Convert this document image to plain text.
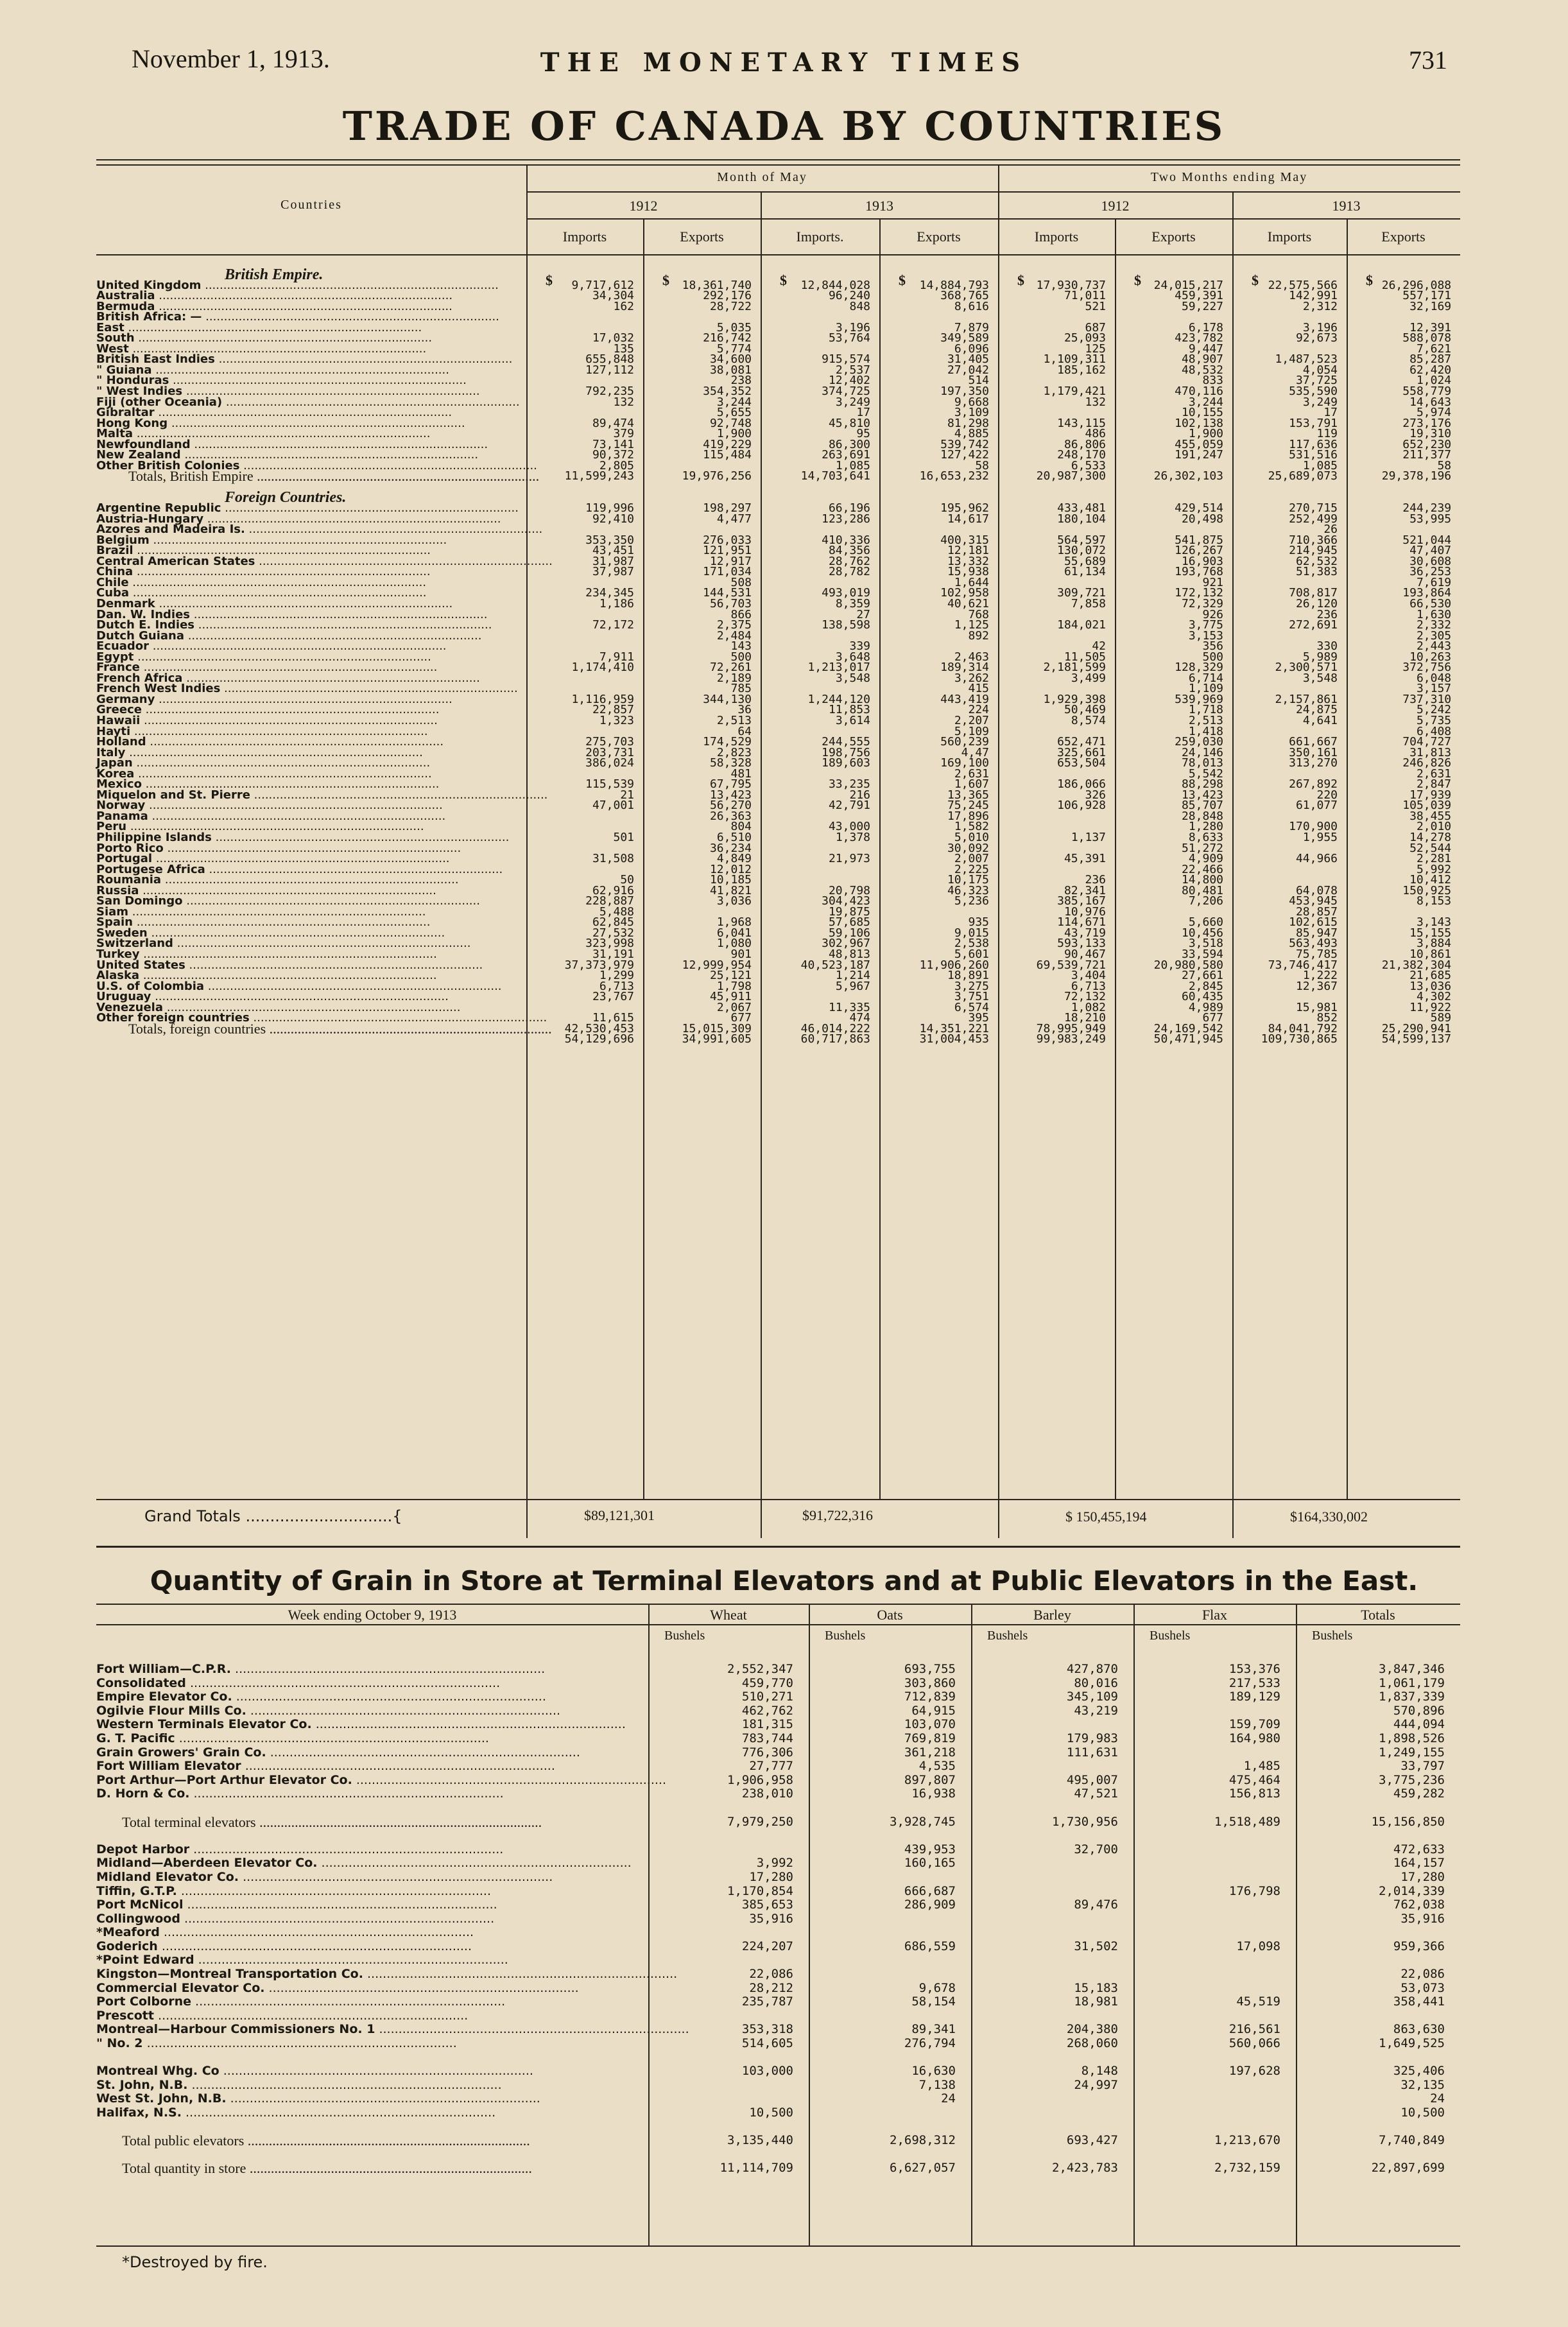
November 1, 1913.	THE MONETARY TIMES	731
TRADE OF CANADA BY COUNTRIES
Month of May	Two Months ending May
Countries	1912	1913	1912	1913
Imports	Exports	Imports.	Exports	Imports	Exports	Imports	Exports
$	$	$	$	$	$	$	$
British Empire.								
United Kingdom ................................................................................	9,717,612	18,361,740	12,844,028	14,884,793	17,930,737	24,015,217	22,575,566	26,296,088
Australia ................................................................................	34,304	292,176	96,240	368,765	71,011	459,391	142,991	557,171
Bermuda ................................................................................	162	28,722	848	8,616	521	59,227	2,312	32,169
British Africa: — ................................................................................								
East ................................................................................		5,035	3,196	7,879	687	6,178	3,196	12,391
South ................................................................................	17,032	216,742	53,764	349,589	25,093	423,782	92,673	588,078
West ................................................................................	135	5,774		6,096	125	9,447		7,621
British East Indies ................................................................................	655,848	34,600	915,574	31,405	1,109,311	48,907	1,487,523	85,287
" Guiana ................................................................................	127,112	38,081	2,537	27,042	185,162	48,532	4,054	62,420
" Honduras ................................................................................		238	12,402	514		833	37,725	1,024
" West Indies ................................................................................	792,235	354,352	374,725	197,350	1,179,421	470,116	535,590	558,779
Fiji (other Oceania) ................................................................................	132	3,244	3,249	9,668	132	3,244	3,249	14,643
Gibraltar ................................................................................		5,655	17	3,109		10,155	17	5,974
Hong Kong ................................................................................	89,474	92,748	45,810	81,298	143,115	102,138	153,791	273,176
Malta ................................................................................	379	1,900	95	4,885	486	1,900	119	19,310
Newfoundland ................................................................................	73,141	419,229	86,300	539,742	86,806	455,059	117,636	652,230
New Zealand ................................................................................	90,372	115,484	263,691	127,422	248,170	191,247	531,516	211,377
Other British Colonies ................................................................................	2,805		1,085	58	6,533		1,085	58
Totals, British Empire ................................................................................	11,599,243	19,976,256	14,703,641	16,653,232	20,987,300	26,302,103	25,689,073	29,378,196

Foreign Countries.								
Argentine Republic ................................................................................	119,996	198,297	66,196	195,962	433,481	429,514	270,715	244,239
Austria-Hungary ................................................................................	92,410	4,477	123,286	14,617	180,104	20,498	252,499	53,995
Azores and Madeira Is. ................................................................................							26	
Belgium ................................................................................	353,350	276,033	410,336	400,315	564,597	541,875	710,366	521,044
Brazil ................................................................................	43,451	121,951	84,356	12,181	130,072	126,267	214,945	47,407
Central American States ................................................................................	31,987	12,917	28,762	13,332	55,689	16,903	62,532	30,608
China ................................................................................	37,987	171,034	28,782	15,938	61,134	193,768	51,383	36,253
Chile ................................................................................		508		1,644		921		7,619
Cuba ................................................................................	234,345	144,531	493,019	102,958	309,721	172,132	708,817	193,864
Denmark ................................................................................	1,186	56,703	8,359	40,621	7,858	72,329	26,120	66,530
Dan. W. Indies ................................................................................		866	27	768		926	236	1,630
Dutch E. Indies ................................................................................	72,172	2,375	138,598	1,125	184,021	3,775	272,691	2,332
Dutch Guiana ................................................................................		2,484		892		3,153		2,305
Ecuador ................................................................................		143	339		42	356	330	2,443
Egypt ................................................................................	7,911	500	3,648	2,463	11,505	500	5,989	10,263
France ................................................................................	1,174,410	72,261	1,213,017	189,314	2,181,599	128,329	2,300,571	372,756
French Africa ................................................................................		2,189	3,548	3,262	3,499	6,714	3,548	6,048
French West Indies ................................................................................		785		415		1,109		3,157
Germany ................................................................................	1,116,959	344,130	1,244,120	443,419	1,929,398	539,969	2,157,861	737,310
Greece ................................................................................	22,857	36	11,853	224	50,469	1,718	24,875	5,242
Hawaii ................................................................................	1,323	2,513	3,614	2,207	8,574	2,513	4,641	5,735
Hayti ................................................................................		64		5,109		1,418		6,408
Holland ................................................................................	275,703	174,529	244,555	560,239	652,471	259,030	661,667	704,727
Italy ................................................................................	203,731	2,823	198,756	4,47	325,661	24,146	350,161	31,813
Japan ................................................................................	386,024	58,328	189,603	169,100	653,504	78,013	313,270	246,826
Korea ................................................................................		481		2,631		5,542		2,631
Mexico ................................................................................	115,539	67,795	33,235	1,607	186,066	88,298	267,892	2,847
Miquelon and St. Pierre ................................................................................	21	13,423	216	13,365	326	13,423	220	17,939
Norway ................................................................................	47,001	56,270	42,791	75,245	106,928	85,707	61,077	105,039
Panama ................................................................................		26,363		17,896		28,848		38,455
Peru ................................................................................		804	43,000	1,582		1,280	170,900	2,010
Philippine Islands ................................................................................	501	6,510	1,378	5,010	1,137	8,633	1,955	14,278
Porto Rico ................................................................................		36,234		30,092		51,272		52,544
Portugal ................................................................................	31,508	4,849	21,973	2,007	45,391	4,909	44,966	2,281
Portugese Africa ................................................................................		12,012		2,225		22,466		5,992
Roumania ................................................................................	50	10,185		10,175	236	14,800		10,412
Russia ................................................................................	62,916	41,821	20,798	46,323	82,341	80,481	64,078	150,925
San Domingo ................................................................................	228,887	3,036	304,423	5,236	385,167	7,206	453,945	8,153
Siam ................................................................................	5,488		19,875		10,976		28,857	
Spain ................................................................................	62,845	1,968	57,685	935	114,671	5,660	102,615	3,143
Sweden ................................................................................	27,532	6,041	59,106	9,015	43,719	10,456	85,947	15,155
Switzerland ................................................................................	323,998	1,080	302,967	2,538	593,133	3,518	563,493	3,884
Turkey ................................................................................	31,191	901	48,813	5,601	90,467	33,594	75,785	10,861
United States ................................................................................	37,373,979	12,999,954	40,523,187	11,906,260	69,539,721	20,980,580	73,746,417	21,382,304
Alaska ................................................................................	1,299	25,121	1,214	18,891	3,404	27,661	1,222	21,685
U.S. of Colombia ................................................................................	6,713	1,798	5,967	3,275	6,713	2,845	12,367	13,036
Uruguay ................................................................................	23,767	45,911		3,751	72,132	60,435		4,302
Venezuela ................................................................................		2,067	11,335	6,574	1,082	4,989	15,981	11,922
Other foreign countries ................................................................................	11,615	677	474	395	18,210	677	852	589
Totals, foreign countries ................................................................................	42,530,453	15,015,309	46,014,222	14,351,221	78,995,949	24,169,542	84,041,792	25,290,941
	54,129,696	34,991,605	60,717,863	31,004,453	99,983,249	50,471,945	109,730,865	54,599,137
Grand Totals ..............................{	$89,121,301	$91,722,316	$ 150,455,194	$164,330,002
Quantity of Grain in Store at Terminal Elevators and at Public Elevators in the East.
Week ending October 9, 1913	Wheat	Oats	Barley	Flax	Totals
Bushels	Bushels	Bushels	Bushels	Bushels
Fort William—C.P.R. ................................................................................	2,552,347	693,755	427,870	153,376	3,847,346
Consolidated ................................................................................	459,770	303,860	80,016	217,533	1,061,179
Empire Elevator Co. ................................................................................	510,271	712,839	345,109	189,129	1,837,339
Ogilvie Flour Mills Co. ................................................................................	462,762	64,915	43,219		570,896
Western Terminals Elevator Co. ................................................................................	181,315	103,070		159,709	444,094
G. T. Pacific ................................................................................	783,744	769,819	179,983	164,980	1,898,526
Grain Growers' Grain Co. ................................................................................	776,306	361,218	111,631		1,249,155
Fort William Elevator ................................................................................	27,777	4,535		1,485	33,797
Port Arthur—Port Arthur Elevator Co. ................................................................................	1,906,958	897,807	495,007	475,464	3,775,236
D. Horn & Co. ................................................................................	238,010	16,938	47,521	156,813	459,282

Total terminal elevators ................................................................................	7,979,250	3,928,745	1,730,956	1,518,489	15,156,850

Depot Harbor ................................................................................		439,953	32,700		472,633
Midland—Aberdeen Elevator Co. ................................................................................	3,992	160,165			164,157
Midland Elevator Co. ................................................................................	17,280				17,280
Tiffin, G.T.P. ................................................................................	1,170,854	666,687		176,798	2,014,339
Port McNicol ................................................................................	385,653	286,909	89,476		762,038
Collingwood ................................................................................	35,916				35,916
*Meaford ................................................................................					
Goderich ................................................................................	224,207	686,559	31,502	17,098	959,366
*Point Edward ................................................................................					
Kingston—Montreal Transportation Co. ................................................................................	22,086				22,086
Commercial Elevator Co. ................................................................................	28,212	9,678	15,183		53,073
Port Colborne ................................................................................	235,787	58,154	18,981	45,519	358,441
Prescott ................................................................................					
Montreal—Harbour Commissioners No. 1 ................................................................................	353,318	89,341	204,380	216,561	863,630
" No. 2 ................................................................................	514,605	276,794	268,060	560,066	1,649,525

Montreal Whg. Co ................................................................................	103,000	16,630	8,148	197,628	325,406
St. John, N.B. ................................................................................		7,138	24,997		32,135
West St. John, N.B. ................................................................................		24			24
Halifax, N.S. ................................................................................	10,500				10,500

Total public elevators ................................................................................	3,135,440	2,698,312	693,427	1,213,670	7,740,849

Total quantity in store ................................................................................	11,114,709	6,627,057	2,423,783	2,732,159	22,897,699
*Destroyed by fire.
